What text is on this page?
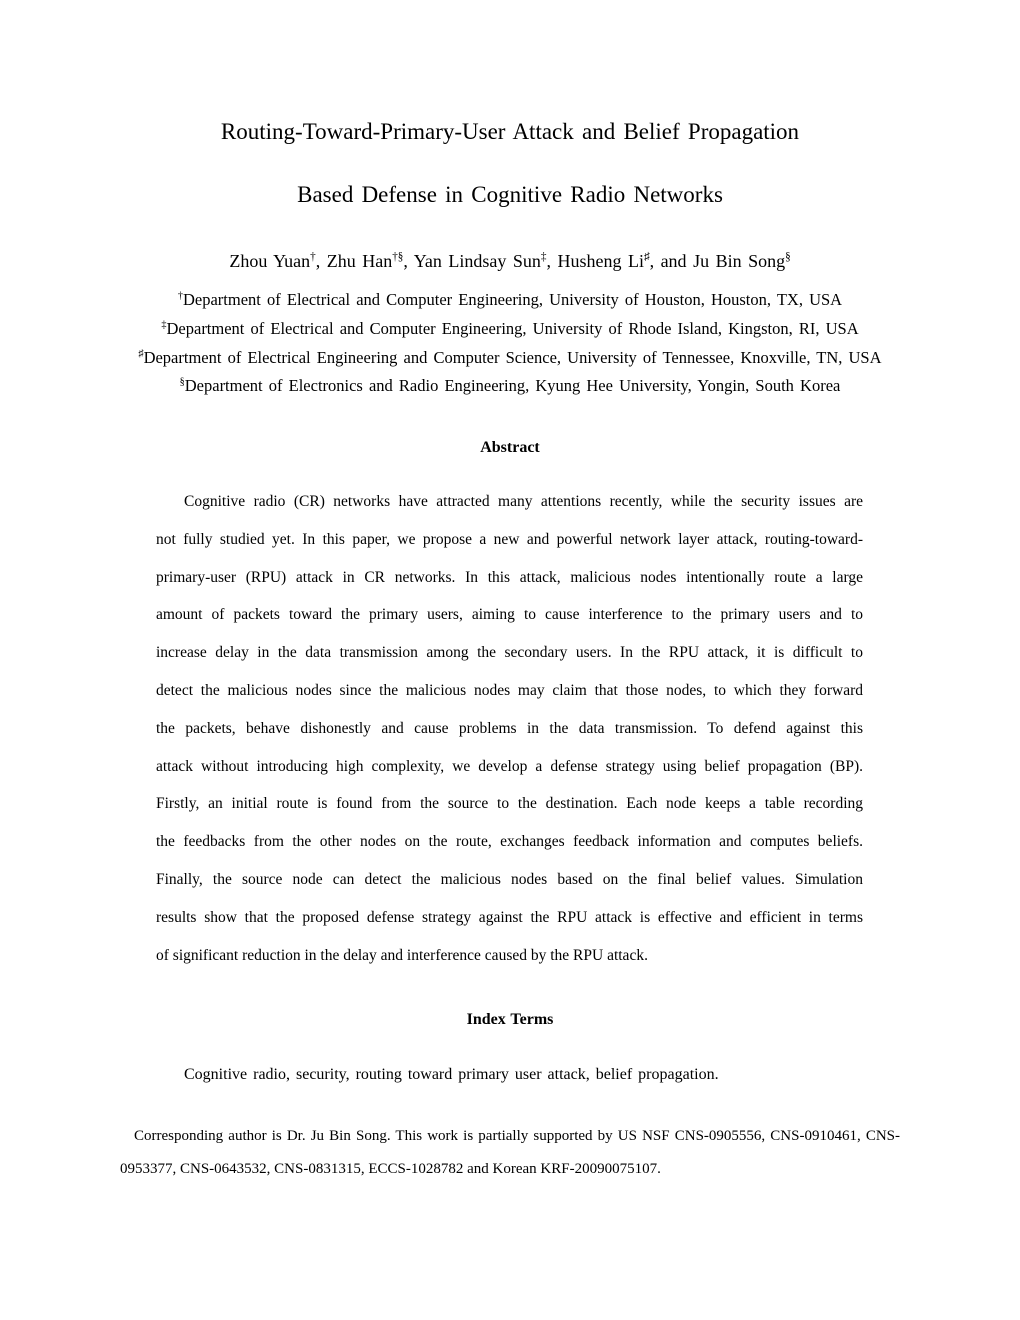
Routing-Toward-Primary-User Attack and Belief Propagation
Based Defense in Cognitive Radio Networks
Zhou Yuan†, Zhu Han†§, Yan Lindsay Sun‡, Husheng Li♯, and Ju Bin Song§
†Department of Electrical and Computer Engineering, University of Houston, Houston, TX, USA
‡Department of Electrical and Computer Engineering, University of Rhode Island, Kingston, RI, USA
♯Department of Electrical Engineering and Computer Science, University of Tennessee, Knoxville, TN, USA
§Department of Electronics and Radio Engineering, Kyung Hee University, Yongin, South Korea
Abstract
Cognitive radio (CR) networks have attracted many attentions recently, while the security issues are
not fully studied yet. In this paper, we propose a new and powerful network layer attack, routing-toward-
primary-user (RPU) attack in CR networks. In this attack, malicious nodes intentionally route a large
amount of packets toward the primary users, aiming to cause interference to the primary users and to
increase delay in the data transmission among the secondary users. In the RPU attack, it is difficult to
detect the malicious nodes since the malicious nodes may claim that those nodes, to which they forward
the packets, behave dishonestly and cause problems in the data transmission. To defend against this
attack without introducing high complexity, we develop a defense strategy using belief propagation (BP).
Firstly, an initial route is found from the source to the destination. Each node keeps a table recording
the feedbacks from the other nodes on the route, exchanges feedback information and computes beliefs.
Finally, the source node can detect the malicious nodes based on the final belief values. Simulation
results show that the proposed defense strategy against the RPU attack is effective and efficient in terms
of significant reduction in the delay and interference caused by the RPU attack.
Index Terms
Cognitive radio, security, routing toward primary user attack, belief propagation.
Corresponding author is Dr. Ju Bin Song. This work is partially supported by US NSF CNS-0905556, CNS-0910461, CNS-
0953377, CNS-0643532, CNS-0831315, ECCS-1028782 and Korean KRF-20090075107.
